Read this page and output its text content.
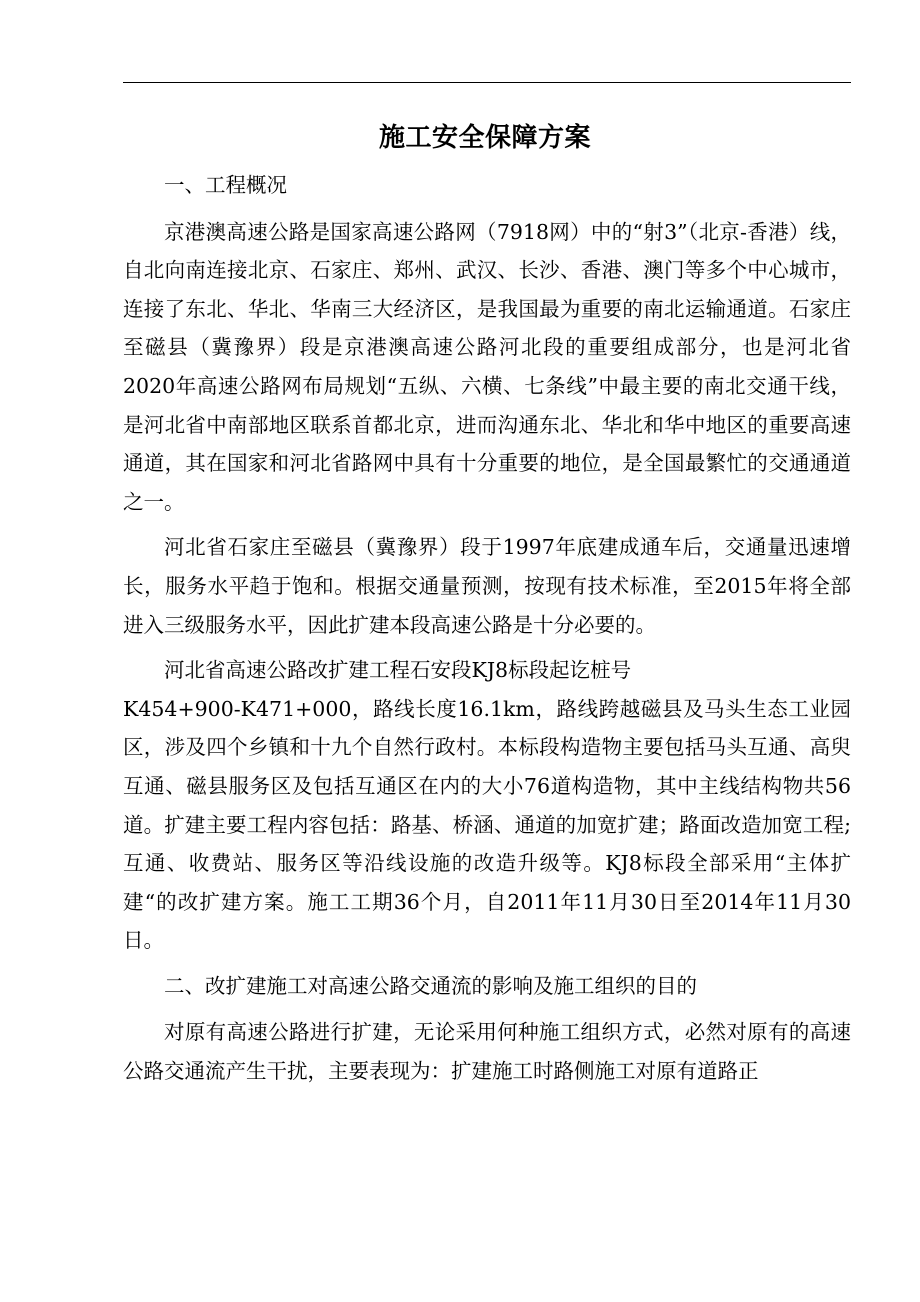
施工安全保障方案

一、工程概况

京港澳高速公路是国家高速公路网（7918网）中的“射3”（北京-香港）线，自北向南连接北京、石家庄、郑州、武汉、长沙、香港、澳门等多个中心城市，连接了东北、华北、华南三大经济区，是我国最为重要的南北运输通道。石家庄至磁县（冀豫界）段是京港澳高速公路河北段的重要组成部分，也是河北省2020年高速公路网布局规划“五纵、六横、七条线”中最主要的南北交通干线，是河北省中南部地区联系首都北京，进而沟通东北、华北和华中地区的重要高速通道，其在国家和河北省路网中具有十分重要的地位，是全国最繁忙的交通通道之一。

河北省石家庄至磁县（冀豫界）段于1997年底建成通车后，交通量迅速增长，服务水平趋于饱和。根据交通量预测，按现有技术标准，至2015年将全部进入三级服务水平，因此扩建本段高速公路是十分必要的。

河北省高速公路改扩建工程石安段KJ8标段起讫桩号

K454+900-K471+000，路线长度16.1km，路线跨越磁县及马头生态工业园区，涉及四个乡镇和十九个自然行政村。本标段构造物主要包括马头互通、高臾互通、磁县服务区及包括互通区在内的大小76道构造物，其中主线结构物共56道。扩建主要工程内容包括：路基、桥涵、通道的加宽扩建；路面改造加宽工程; 互通、收费站、服务区等沿线设施的改造升级等。KJ8标段全部采用“主体扩建“的改扩建方案。施工工期36个月，自2011年11月30日至2014年11月30日。

二、改扩建施工对高速公路交通流的影响及施工组织的目的

对原有高速公路进行扩建，无论采用何种施工组织方式，必然对原有的高速公路交通流产生干扰，主要表现为：扩建施工时路侧施工对原有道路正
